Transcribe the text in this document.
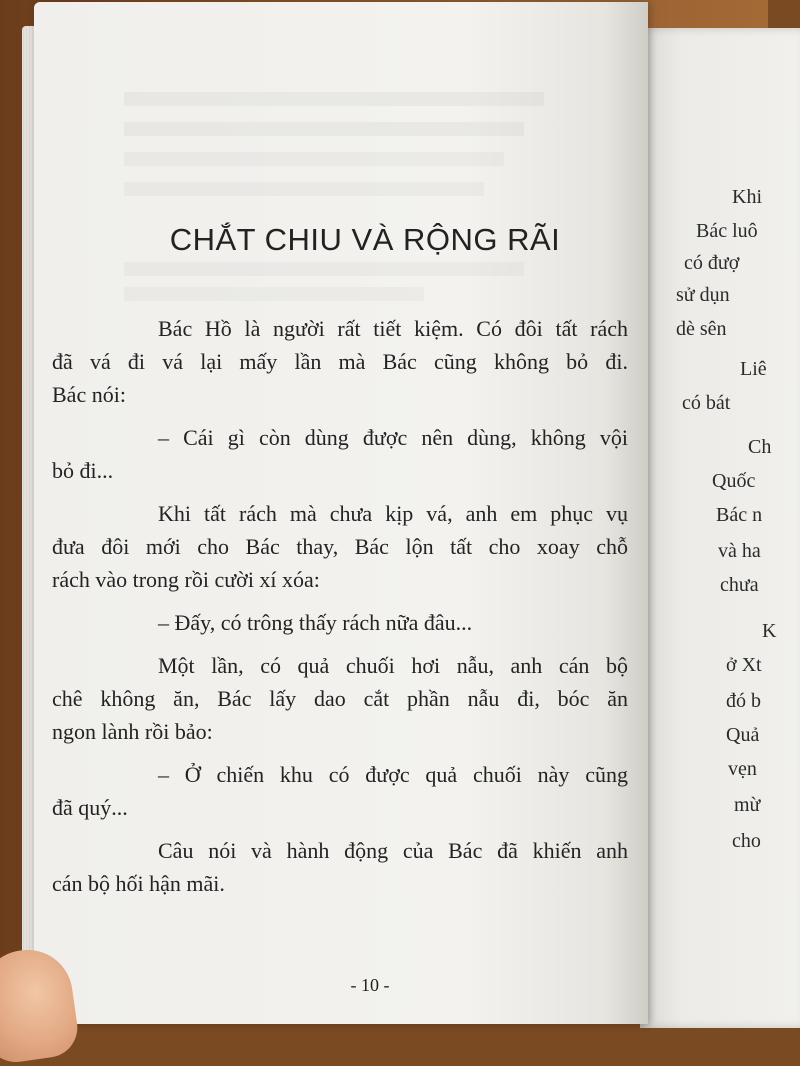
Khi
Bác luô
có đượ
sử dụn
dè sên
Liê
có bát
Ch
Quốc
Bác n
và ha
chưa
K
ở Xt
đó b
Quả
vẹn
mừ
cho
CHẮT CHIU VÀ RỘNG RÃI
Bác Hồ là người rất tiết kiệm. Có đôi tất rách
đã vá đi vá lại mấy lần mà Bác cũng không bỏ đi.
Bác nói:
– Cái gì còn dùng được nên dùng, không vội
bỏ đi...
Khi tất rách mà chưa kịp vá, anh em phục vụ
đưa đôi mới cho Bác thay, Bác lộn tất cho xoay chỗ
rách vào trong rồi cười xí xóa:
– Đấy, có trông thấy rách nữa đâu...
Một lần, có quả chuối hơi nẫu, anh cán bộ
chê không ăn, Bác lấy dao cắt phần nẫu đi, bóc ăn
ngon lành rồi bảo:
– Ở chiến khu có được quả chuối này cũng
đã quý...
Câu nói và hành động của Bác đã khiến anh
cán bộ hối hận mãi.
- 10 -
